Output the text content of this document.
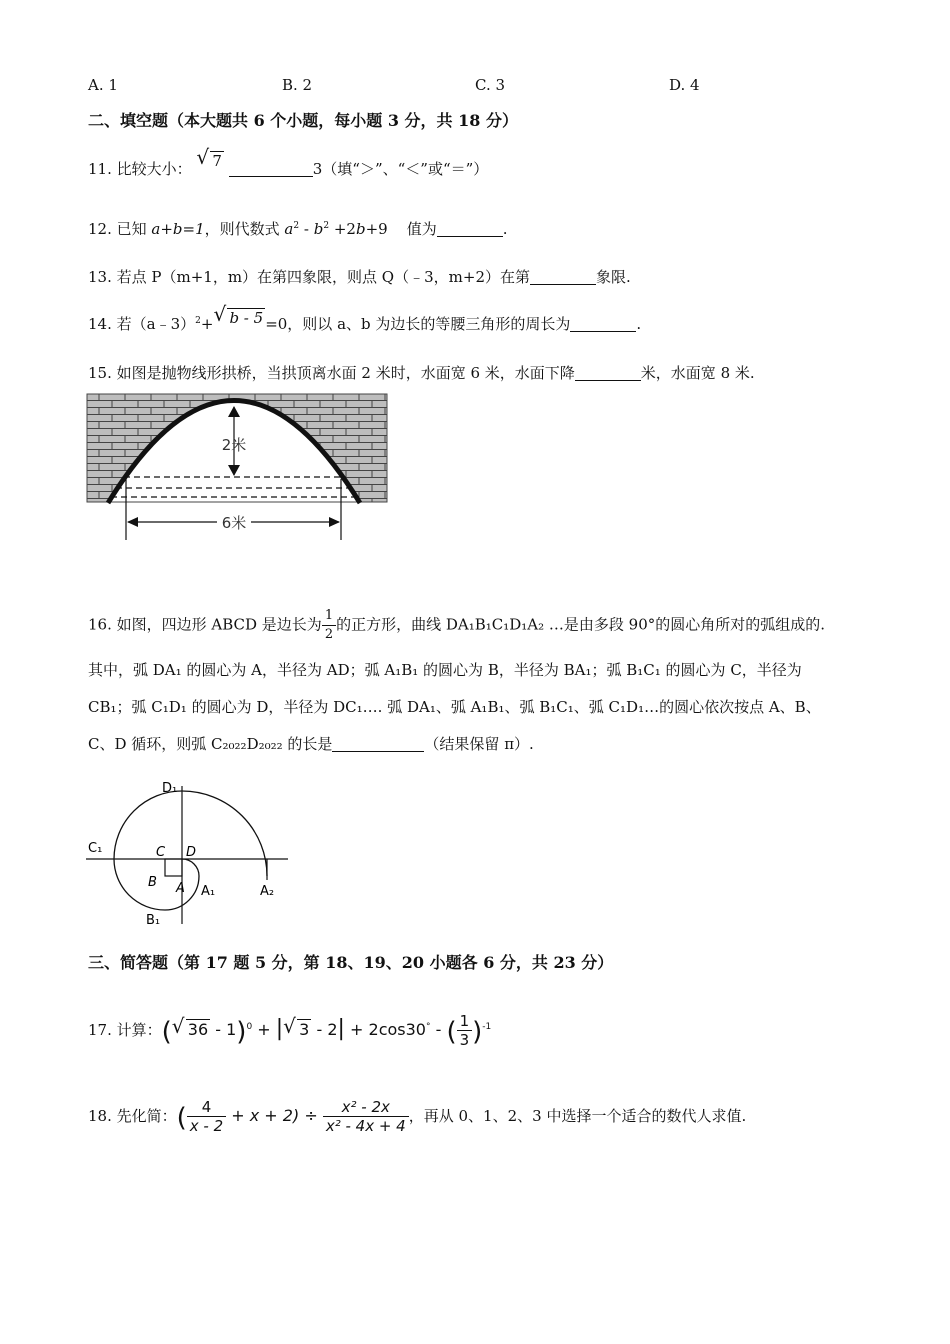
A. 1	B. 2	C. 3	D. 4
二、填空题（本大题共 6 个小题，每小题 3 分，共 18 分）
11. 比较大小： √ 7	3（填“＞”、“＜”或“＝”）
12. 已知 a+b=1，则代数式 $a^2 - b^2 +2b+9$ 值为	.
13. 若点 P（m+1，m）在第四象限，则点 Q（﹣3，m+2）在第	象限.
14. 若（a﹣3）$^2$+ √ b - 5 =0，则以 a、b 为边长的等腰三角形的周长为	.
15. 如图是抛物线形拱桥，当拱顶离水面 2 米时，水面宽 6 米，水面下降	米，水面宽 8 米.
2米
6米
16. 如图，四边形 ABCD 是边长为 $\frac{1}{2}$ 的正方形，曲线 DA₁B₁C₁D₁A₂ …是由多段 90°的圆心角所对的弧组成的.
其中，弧 DA₁ 的圆心为 A，半径为 AD；弧 A₁B₁ 的圆心为 B，半径为 BA₁；弧 B₁C₁ 的圆心为 C，半径为
CB₁；弧 C₁D₁ 的圆心为 D，半径为 DC₁…. 弧 DA₁、弧 A₁B₁、弧 B₁C₁、弧 C₁D₁…的圆心依次按点 A、B、
C、D 循环，则弧 C₂₀₂₂D₂₀₂₂ 的长是	（结果保留 π）.
D₁
C₁	C D
B A A₁	A₂
B₁
三、简答题（第 17 题 5 分，第 18、19、20 小题各 6 分，共 23 分）
17. 计算：( √ 36 - 1)$^0$ + | √ 3 - 2| + 2cos30° - ( $\frac{1}{3} )^{-1}$
18. 先化简：( $\frac{4}{x - 2} + x + 2) \div \frac{\text{x² - 2x}}{\text{x² - 4x + 4}}$ ，再从 0、1、2、3 中选择一个适合的数代人求值.
